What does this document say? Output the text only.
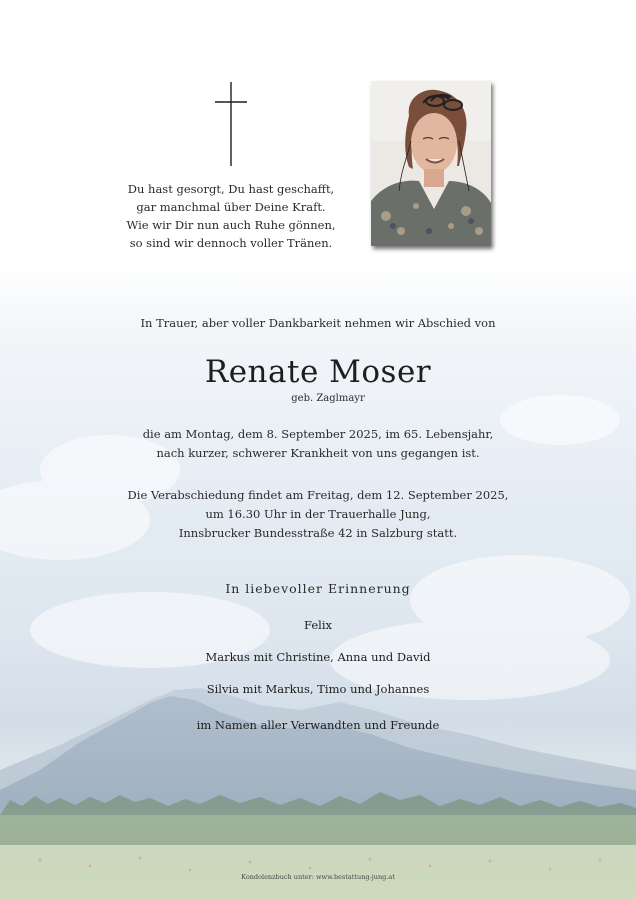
Du hast gesorgt, Du hast geschafft,
gar manchmal über Deine Kraft.
Wie wir Dir nun auch Ruhe gönnen,
so sind wir dennoch voller Tränen.
In Trauer, aber voller Dankbarkeit nehmen wir Abschied von
Renate Moser
geb. Zaglmayr
die am Montag, dem 8. September 2025, im 65. Lebensjahr,
nach kurzer, schwerer Krankheit von uns gegangen ist.
Die Verabschiedung findet am Freitag, dem 12. September 2025,
um 16.30 Uhr in der Trauerhalle Jung,
Innsbrucker Bundesstraße 42 in Salzburg statt.
In liebevoller Erinnerung
Felix
Markus mit Christine, Anna und David
Silvia mit Markus, Timo und Johannes
im Namen aller Verwandten und Freunde
Kondolenzbuch unter: www.bestattung-jung.at
